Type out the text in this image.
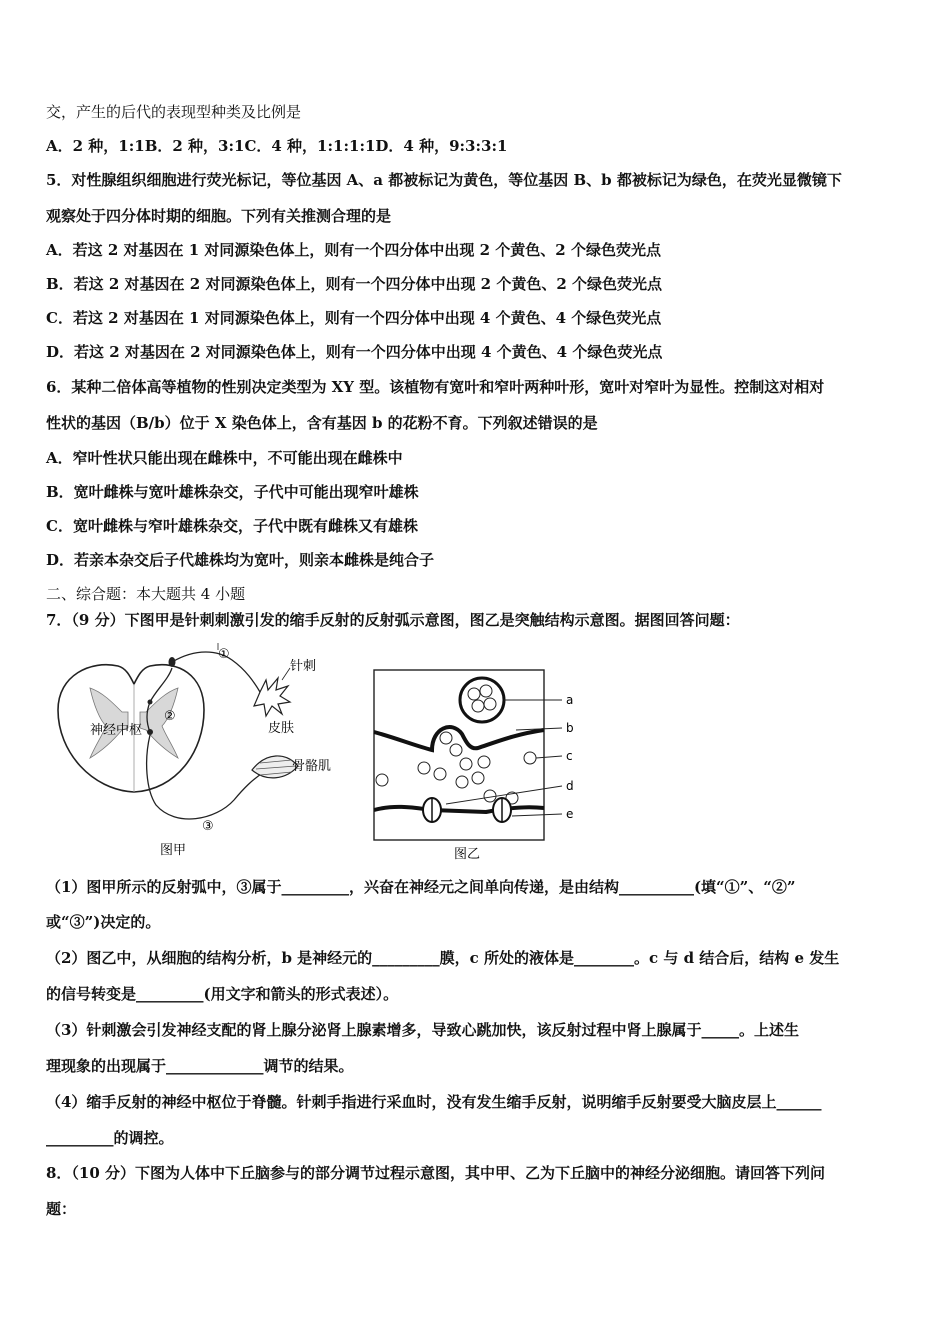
交，产生的后代的表现型种类及比例是
A．2 种，1:1B．2 种，3:1C．4 种，1:1:1:1D．4 种，9:3:3:1
5．对性腺组织细胞进行荧光标记，等位基因 A、a 都被标记为黄色，等位基因 B、b 都被标记为绿色，在荧光显微镜下
观察处于四分体时期的细胞。下列有关推测合理的是
A．若这 2 对基因在 1 对同源染色体上，则有一个四分体中出现 2 个黄色、2 个绿色荧光点
B．若这 2 对基因在 2 对同源染色体上，则有一个四分体中出现 2 个黄色、2 个绿色荧光点
C．若这 2 对基因在 1 对同源染色体上，则有一个四分体中出现 4 个黄色、4 个绿色荧光点
D．若这 2 对基因在 2 对同源染色体上，则有一个四分体中出现 4 个黄色、4 个绿色荧光点
6．某种二倍体高等植物的性别决定类型为 XY 型。该植物有宽叶和窄叶两种叶形，宽叶对窄叶为显性。控制这对相对
性状的基因（B/b）位于 X 染色体上，含有基因 b 的花粉不育。下列叙述错误的是
A．窄叶性状只能出现在雌株中，不可能出现在雌株中
B．宽叶雌株与宽叶雄株杂交，子代中可能出现窄叶雄株
C．宽叶雌株与窄叶雄株杂交，子代中既有雌株又有雄株
D．若亲本杂交后子代雄株均为宽叶，则亲本雌株是纯合子
二、综合题：本大题共 4 小题
7．（9 分）下图甲是针刺刺激引发的缩手反射的反射弧示意图，图乙是突触结构示意图。据图回答问题：
①
②
③
神经中枢
针刺
皮肤
骨骼肌
图甲
a
b
c
d
e
图乙
（1）图甲所示的反射弧中，③属于_________，兴奋在神经元之间单向传递，是由结构__________(填“①”、“②”
或“③”)决定的。
（2）图乙中，从细胞的结构分析，b 是神经元的_________膜，c 所处的液体是________。c 与 d 结合后，结构 e 发生
的信号转变是_________(用文字和箭头的形式表述）。
（3）针刺激会引发神经支配的肾上腺分泌肾上腺素增多，导致心跳加快，该反射过程中肾上腺属于_____。上述生
理现象的出现属于_____________调节的结果。
（4）缩手反射的神经中枢位于脊髓。针刺手指进行采血时，没有发生缩手反射，说明缩手反射要受大脑皮层上______
_________的调控。
8．（10 分）下图为人体中下丘脑参与的部分调节过程示意图，其中甲、乙为下丘脑中的神经分泌细胞。请回答下列问
题：
